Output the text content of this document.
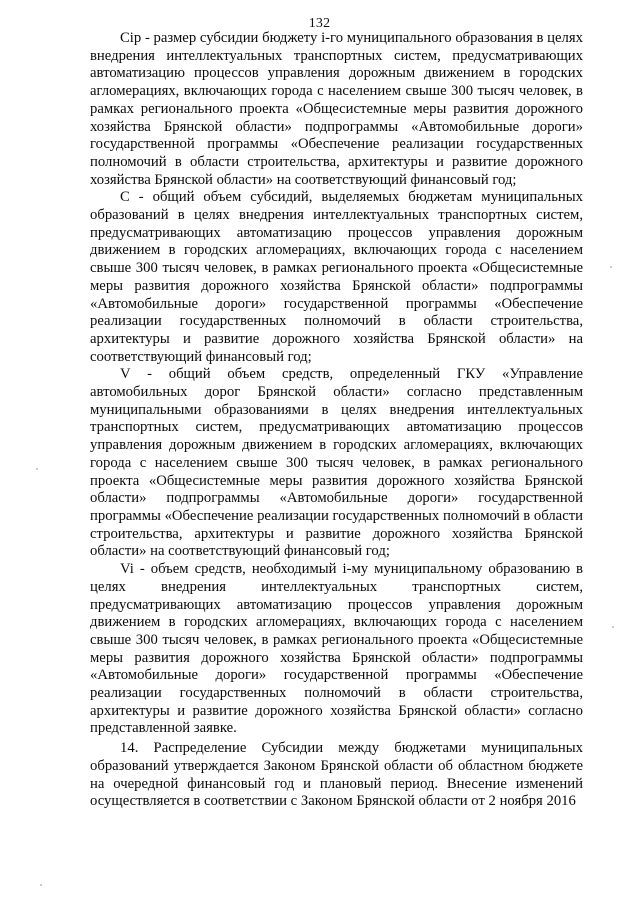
132

Cip - размер субсидии бюджету i-го муниципального образования в целях внедрения интеллектуальных транспортных систем, предусматривающих автоматизацию процессов управления дорожным движением в городских агломерациях, включающих города с населением свыше 300 тысяч человек, в рамках регионального проекта «Общесистемные меры развития дорожного хозяйства Брянской области» подпрограммы «Автомобильные дороги» государственной программы «Обеспечение реализации государственных полномочий в области строительства, архитектуры и развитие дорожного хозяйства Брянской области» на соответствующий финансовый год;

C - общий объем субсидий, выделяемых бюджетам муниципальных образований в целях внедрения интеллектуальных транспортных систем, предусматривающих автоматизацию процессов управления дорожным движением в городских агломерациях, включающих города с населением свыше 300 тысяч человек, в рамках регионального проекта «Общесистемные меры развития дорожного хозяйства Брянской области» подпрограммы «Автомобильные дороги» государственной программы «Обеспечение реализации государственных полномочий в области строительства, архитектуры и развитие дорожного хозяйства Брянской области» на соответствующий финансовый год;

V - общий объем средств, определенный ГКУ «Управление автомобильных дорог Брянской области» согласно представленным муниципальными образованиями в целях внедрения интеллектуальных транспортных систем, предусматривающих автоматизацию процессов управления дорожным движением в городских агломерациях, включающих города с населением свыше 300 тысяч человек, в рамках регионального проекта «Общесистемные меры развития дорожного хозяйства Брянской области» подпрограммы «Автомобильные дороги» государственной программы «Обеспечение реализации государственных полномочий в области строительства, архитектуры и развитие дорожного хозяйства Брянской области» на соответствующий финансовый год;

Vi - объем средств, необходимый i-му муниципальному образованию в целях внедрения интеллектуальных транспортных систем, предусматривающих автоматизацию процессов управления дорожным движением в городских агломерациях, включающих города с населением свыше 300 тысяч человек, в рамках регионального проекта «Общесистемные меры развития дорожного хозяйства Брянской области» подпрограммы «Автомобильные дороги» государственной программы «Обеспечение реализации государственных полномочий в области строительства, архитектуры и развитие дорожного хозяйства Брянской области» согласно представленной заявке.

14. Распределение Субсидии между бюджетами муниципальных образований утверждается Законом Брянской области об областном бюджете на очередной финансовый год и плановый период. Внесение изменений осуществляется в соответствии с Законом Брянской области от 2 ноября 2016
